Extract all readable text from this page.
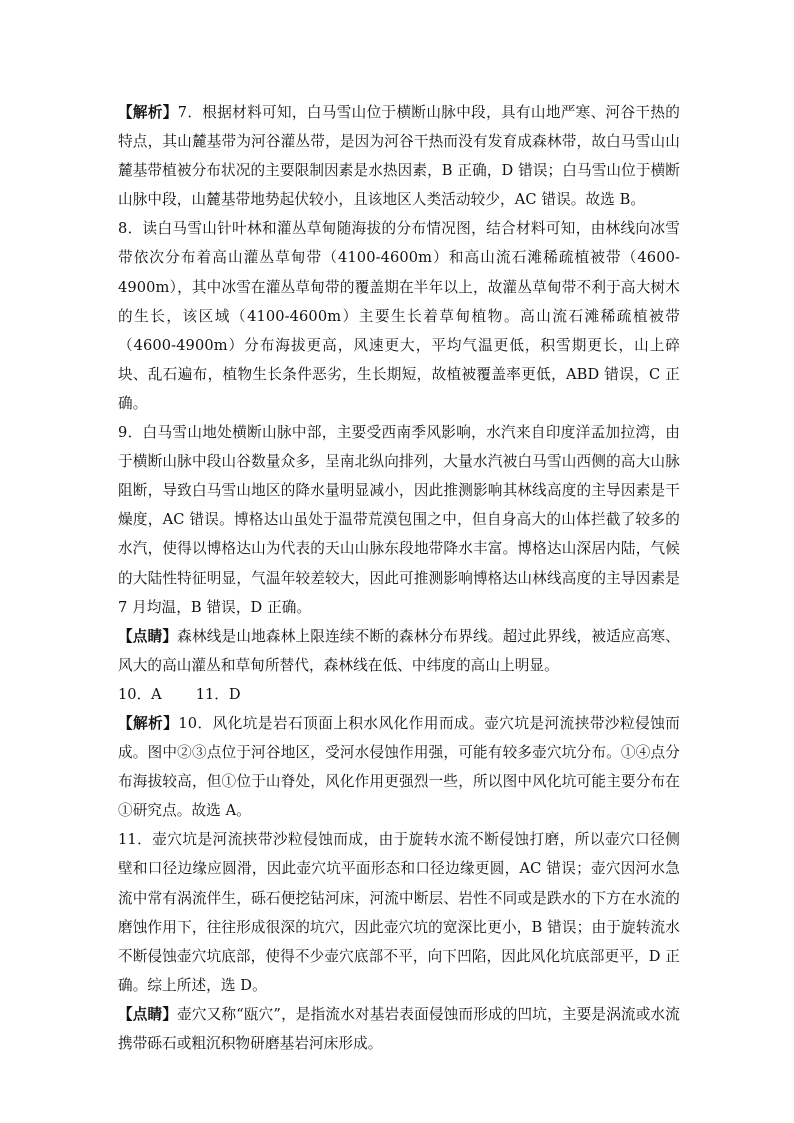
【解析】7．根据材料可知，白马雪山位于横断山脉中段，具有山地严寒、河谷干热的特点，其山麓基带为河谷灌丛带，是因为河谷干热而没有发育成森林带，故白马雪山山麓基带植被分布状况的主要限制因素是水热因素，B 正确，D 错误；白马雪山位于横断山脉中段，山麓基带地势起伏较小，且该地区人类活动较少，AC 错误。故选 B。

8．读白马雪山针叶林和灌丛草甸随海拔的分布情况图，结合材料可知，由林线向冰雪带依次分布着高山灌丛草甸带（4100-4600m）和高山流石滩稀疏植被带（4600-4900m），其中冰雪在灌丛草甸带的覆盖期在半年以上，故灌丛草甸带不利于高大树木的生长，该区域（4100-4600m）主要生长着草甸植物。高山流石滩稀疏植被带（4600-4900m）分布海拔更高，风速更大，平均气温更低，积雪期更长，山上碎块、乱石遍布，植物生长条件恶劣，生长期短，故植被覆盖率更低，ABD 错误，C 正确。

9．白马雪山地处横断山脉中部，主要受西南季风影响，水汽来自印度洋孟加拉湾，由于横断山脉中段山谷数量众多，呈南北纵向排列，大量水汽被白马雪山西侧的高大山脉阻断，导致白马雪山地区的降水量明显减小，因此推测影响其林线高度的主导因素是干燥度，AC 错误。博格达山虽处于温带荒漠包围之中，但自身高大的山体拦截了较多的水汽，使得以博格达山为代表的天山山脉东段地带降水丰富。博格达山深居内陆，气候的大陆性特征明显，气温年较差较大，因此可推测影响博格达山林线高度的主导因素是 7 月均温，B 错误，D 正确。

【点睛】森林线是山地森林上限连续不断的森林分布界线。超过此界线，被适应高寒、风大的高山灌丛和草甸所替代，森林线在低、中纬度的高山上明显。

10．A 11．D

【解析】10．风化坑是岩石顶面上积水风化作用而成。壶穴坑是河流挟带沙粒侵蚀而成。图中②③点位于河谷地区，受河水侵蚀作用强，可能有较多壶穴坑分布。①④点分布海拔较高，但①位于山脊处，风化作用更强烈一些，所以图中风化坑可能主要分布在①研究点。故选 A。

11．壶穴坑是河流挟带沙粒侵蚀而成，由于旋转水流不断侵蚀打磨，所以壶穴口径侧壁和口径边缘应圆滑，因此壶穴坑平面形态和口径边缘更圆，AC 错误；壶穴因河水急流中常有涡流伴生，砾石便挖钻河床，河流中断层、岩性不同或是跌水的下方在水流的磨蚀作用下，往往形成很深的坑穴，因此壶穴坑的宽深比更小，B 错误；由于旋转流水不断侵蚀壶穴坑底部，使得不少壶穴底部不平，向下凹陷，因此风化坑底部更平，D 正确。综上所述，选 D。

【点睛】壶穴又称“瓯穴”，是指流水对基岩表面侵蚀而形成的凹坑，主要是涡流或水流携带砾石或粗沉积物研磨基岩河床形成。
